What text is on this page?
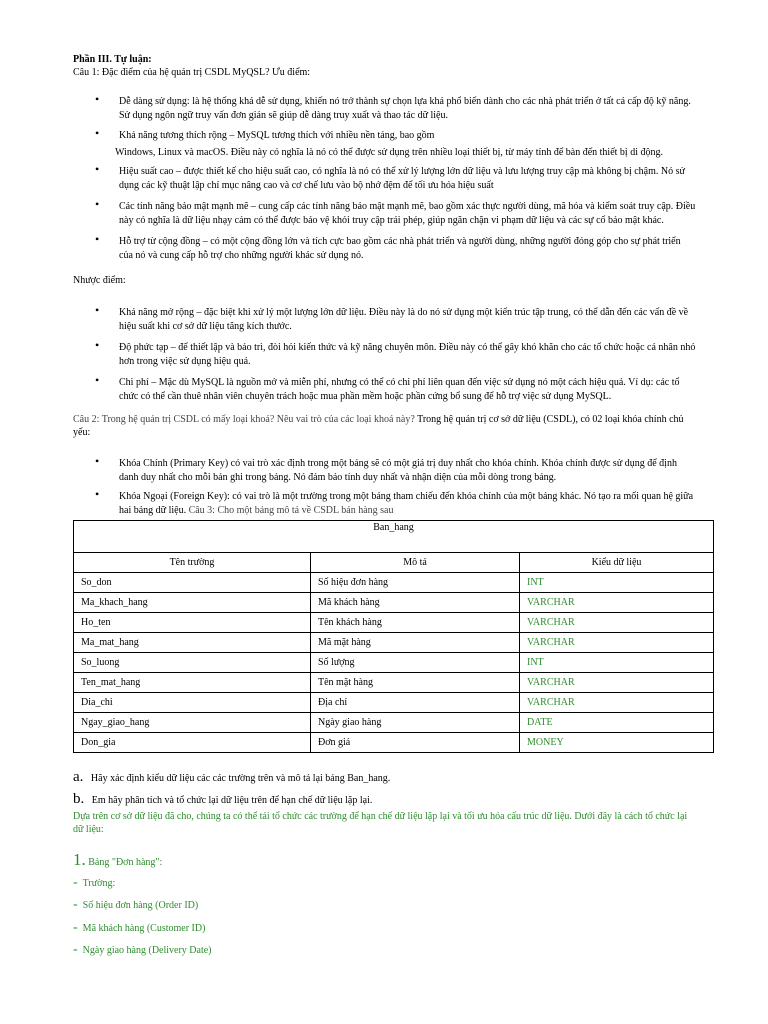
Phần III. Tự luận:
Câu 1: Đặc điểm của hệ quản trị CSDL MyQSL? Ưu điểm:
• Dễ dàng sử dụng: là hệ thống khá dễ sử dụng, khiến nó trở thành sự chọn lựa khá phổ biến dành cho các nhà phát triển ở tất cả cấp độ kỹ năng.
Sử dụng ngôn ngữ truy vấn đơn giản sẽ giúp dễ dàng truy xuất và thao tác dữ liệu.
• Khả năng tương thích rộng – MySQL tương thích với nhiều nền tảng, bao gồm
Windows, Linux và macOS. Điều này có nghĩa là nó có thể được sử dụng trên nhiều loại thiết bị, từ máy tính để bàn đến thiết bị di động.
• Hiệu suất cao – được thiết kế cho hiệu suất cao, có nghĩa là nó có thể xử lý lượng lớn dữ liệu và lưu lượng truy cập mà không bị chậm. Nó sử
dụng các kỹ thuật lập chỉ mục nâng cao và cơ chế lưu vào bộ nhớ đệm để tối ưu hóa hiệu suất
• Các tính năng bảo mật mạnh mẽ – cung cấp các tính năng bảo mật mạnh mẽ, bao gồm xác thực người dùng, mã hóa và kiểm soát truy cập. Điều
này có nghĩa là dữ liệu nhạy cảm có thể được bảo vệ khỏi truy cập trái phép, giúp ngăn chặn vi phạm dữ liệu và các sự cố bảo mật khác.
• Hỗ trợ từ cộng đồng – có một cộng đồng lớn và tích cực bao gồm các nhà phát triển và người dùng, những người đóng góp cho sự phát triển
của nó và cung cấp hỗ trợ cho những người khác sử dụng nó.
Nhược điểm:
• Khả năng mở rộng – đặc biệt khi xử lý một lượng lớn dữ liệu. Điều này là do nó sử dụng một kiến trúc tập trung, có thể dẫn đến các vấn đề về
hiệu suất khi cơ sở dữ liệu tăng kích thước.
• Độ phức tạp – để thiết lập và bảo trì, đòi hỏi kiến thức và kỹ năng chuyên môn. Điều này có thể gây khó khăn cho các tổ chức hoặc cá nhân nhỏ
hơn trong việc sử dụng hiệu quả.
• Chi phí – Mặc dù MySQL là nguồn mở và miễn phí, nhưng có thể có chi phí liên quan đến việc sử dụng nó một cách hiệu quả. Ví dụ: các tổ
chức có thể cần thuê nhân viên chuyên trách hoặc mua phần mềm hoặc phần cứng bổ sung để hỗ trợ việc sử dụng MySQL.
Câu 2: Trong hệ quản trị CSDL có mấy loại khoá? Nêu vai trò của các loại khoá này? Trong hệ quản trị cơ sở dữ liệu (CSDL), có 02 loại khóa chính chủ
yếu:
• Khóa Chính (Primary Key) có vai trò xác định trong một bảng sẽ có một giá trị duy nhất cho khóa chính. Khóa chính được sử dụng để định
danh duy nhất cho mỗi bản ghi trong bảng. Nó đảm bảo tính duy nhất và nhận diện của mỗi dòng trong bảng.
• Khóa Ngoại (Foreign Key): có vai trò là một trường trong một bảng tham chiếu đến khóa chính của một bảng khác. Nó tạo ra mối quan hệ giữa
hai bảng dữ liệu. Câu 3: Cho một bảng mô tả về CSDL bán hàng sau
Ban_hang		
Tên trường	Mô tả	Kiểu dữ liệu
So_don	Số hiệu đơn hàng	INT
Ma_khach_hang	Mã khách hàng	VARCHAR
Ho_ten	Tên khách hàng	VARCHAR
Ma_mat_hang	Mã mặt hàng	VARCHAR
So_luong	Số lượng	INT
Ten_mat_hang	Tên mặt hàng	VARCHAR
Dia_chi	Địa chỉ	VARCHAR
Ngay_giao_hang	Ngày giao hàng	DATE
Don_gia	Đơn giá	MONEY
a. Hãy xác định kiểu dữ liệu các các trường trên và mô tả lại bảng Ban_hang.
b. Em hãy phân tích và tổ chức lại dữ liệu trên để hạn chế dữ liệu lặp lại.
Dựa trên cơ sở dữ liệu đã cho, chúng ta có thể tái tổ chức các trường để hạn chế dữ liệu lặp lại và tối ưu hóa cấu trúc dữ liệu. Dưới đây là cách tổ chức lại
dữ liệu:
1. Bảng "Đơn hàng":
- Trường:
- Số hiệu đơn hàng (Order ID)
- Mã khách hàng (Customer ID)
- Ngày giao hàng (Delivery Date)
